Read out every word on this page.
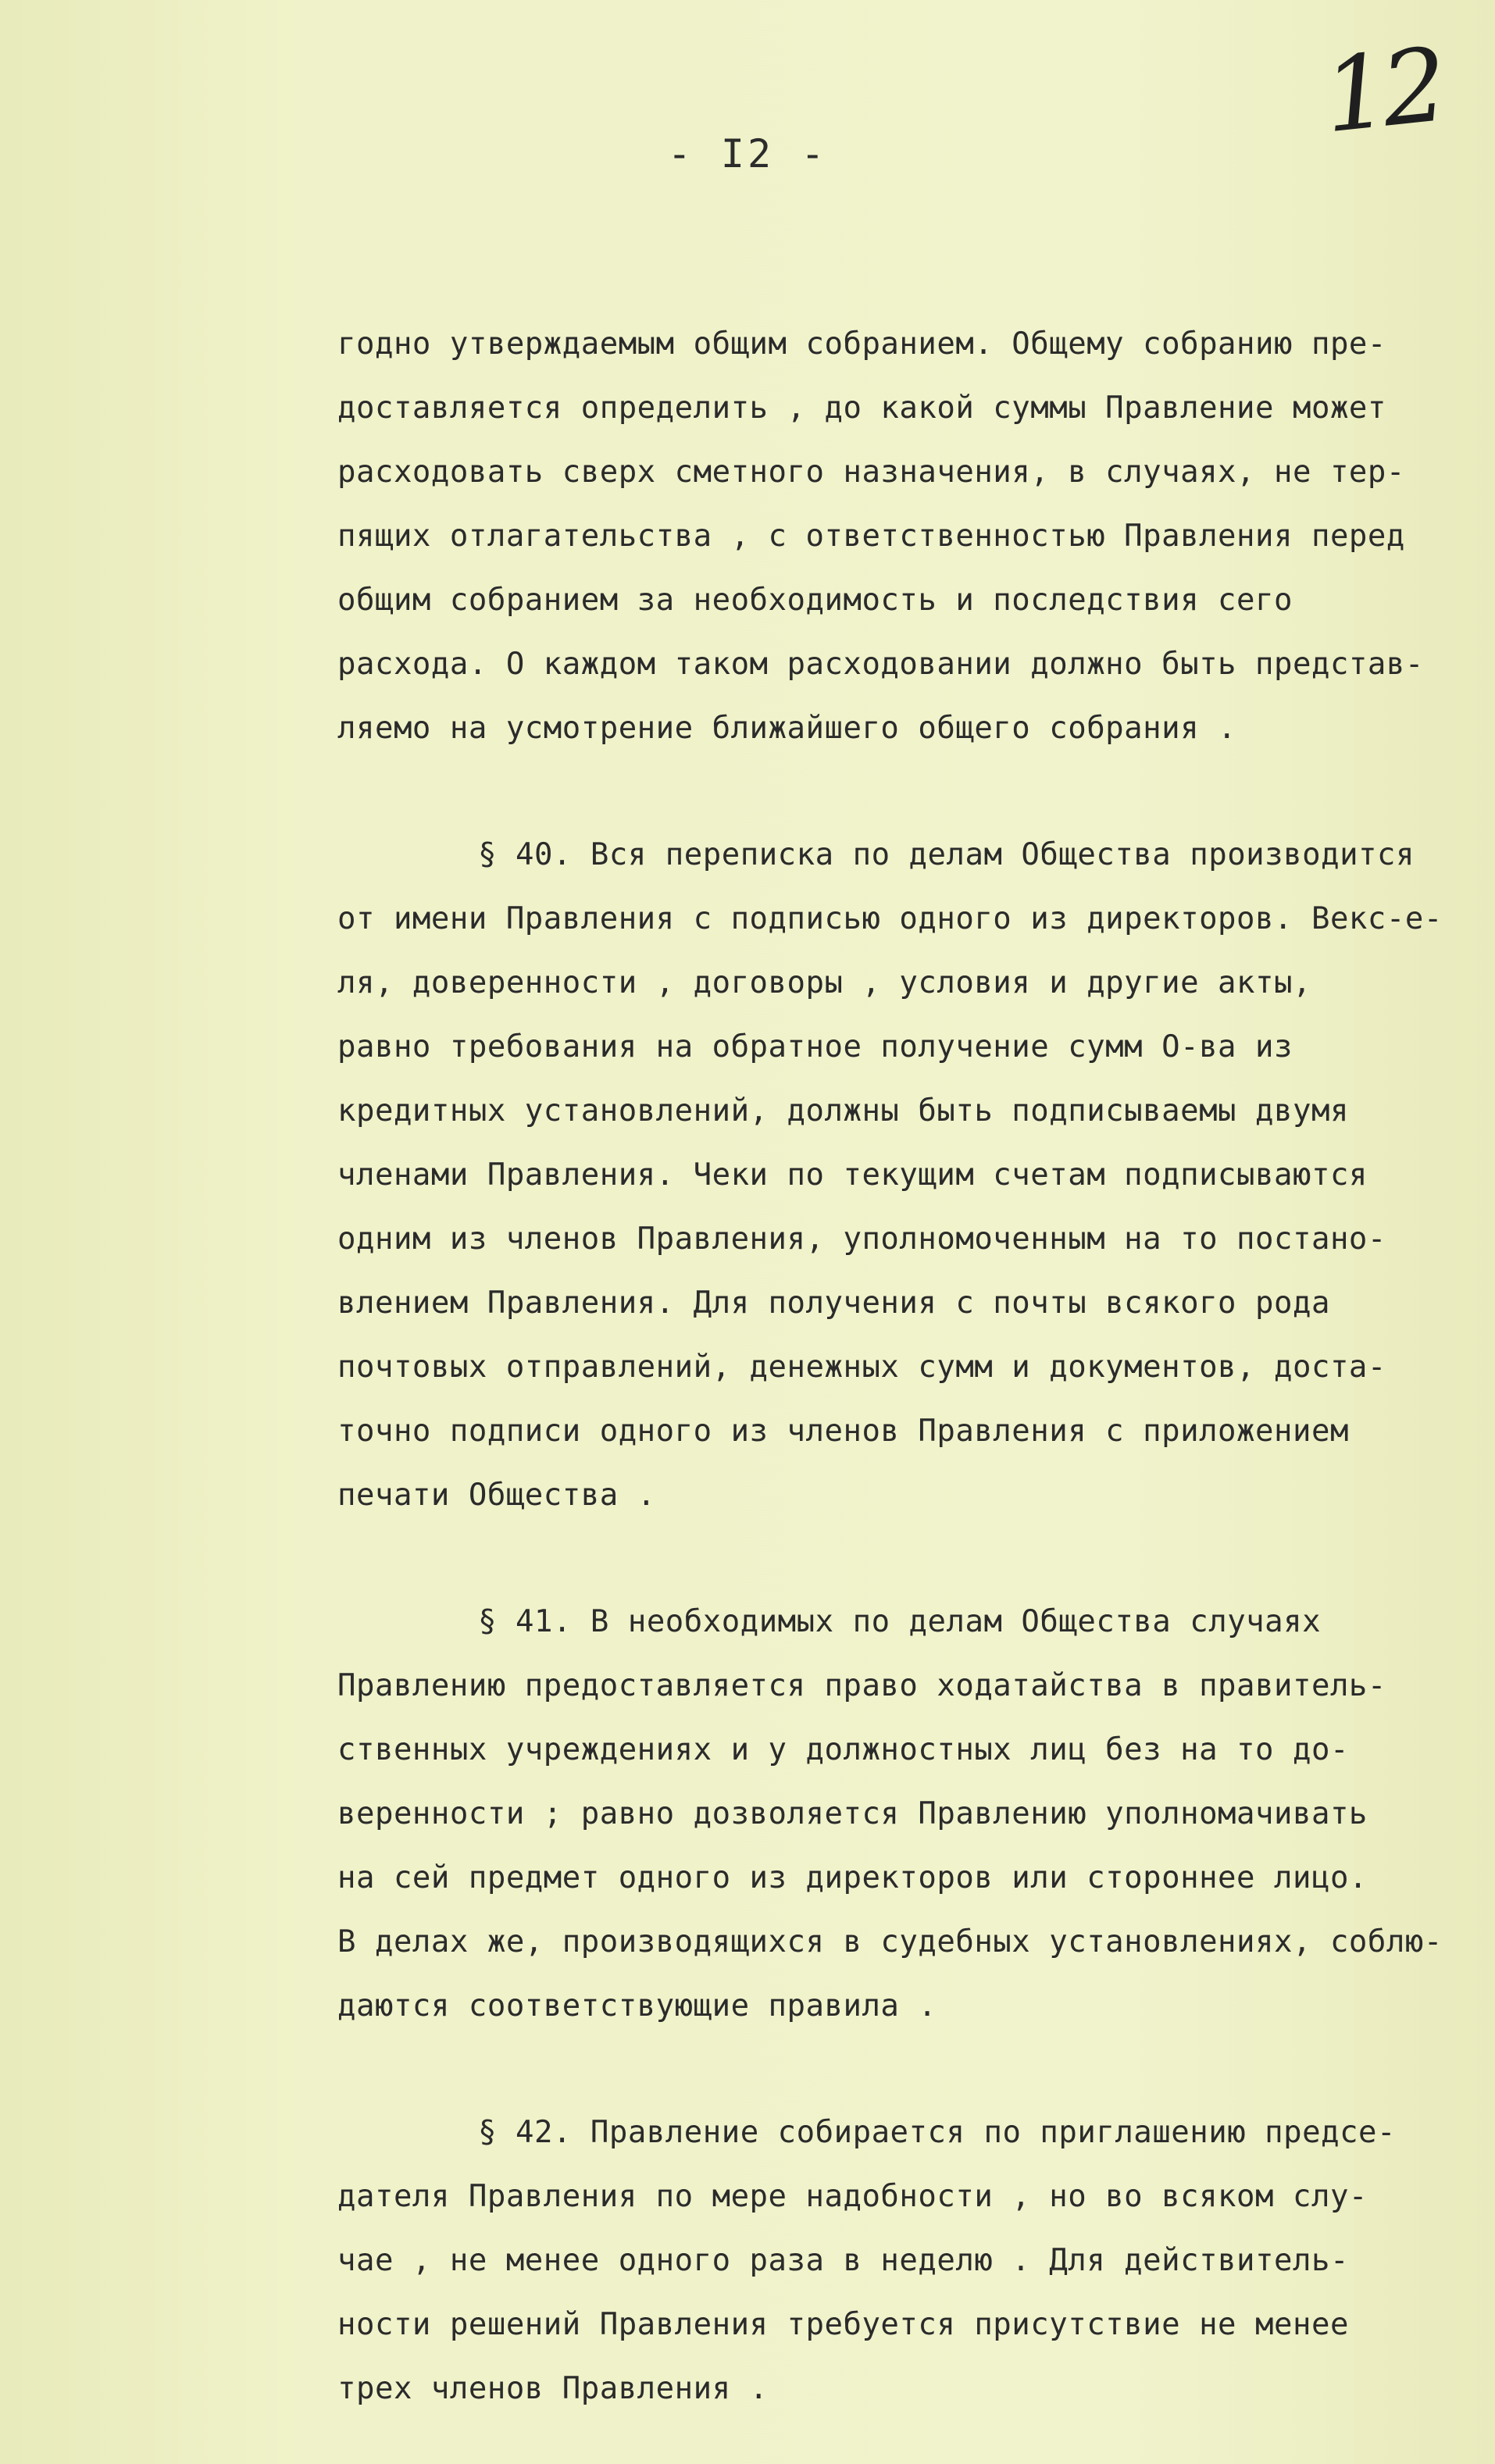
12
- I2 -
годно утверждаемым общим собранием. Общему собранию пре-
доставляется определить , до какой суммы Правление может
расходовать сверх сметного назначения, в случаях, не тер-
пящих отлагательства , с ответственностью Правления перед
общим собранием за необходимость и последствия сего
расхода. О каждом таком расходовании должно быть представ-
ляемо на усмотрение ближайшего общего собрания .
§ 40. Вся переписка по делам Общества производится
от имени Правления с подписью одного из директоров. Векс-е-
ля, доверенности , договоры , условия и другие акты,
равно требования на обратное получение сумм О-ва из
кредитных установлений, должны быть подписываемы двумя
членами Правления. Чеки по текущим счетам подписываются
одним из членов Правления, уполномоченным на то постано-
влением Правления. Для получения с почты всякого рода
почтовых отправлений, денежных сумм и документов, доста-
точно подписи одного из членов Правления с приложением
печати Общества .
§ 41. В необходимых по делам Общества случаях
Правлению предоставляется право ходатайства в правитель-
ственных учреждениях и у должностных лиц без на то до-
веренности ; равно дозволяется Правлению уполномачивать
на сей предмет одного из директоров или стороннее лицо.
В делах же, производящихся в судебных установлениях, соблю-
даются соответствующие правила .
§ 42. Правление собирается по приглашению предсе-
дателя Правления по мере надобности , но во всяком слу-
чае , не менее одного раза в неделю . Для действитель-
ности решений Правления требуется присутствие не менее
трех членов Правления .
